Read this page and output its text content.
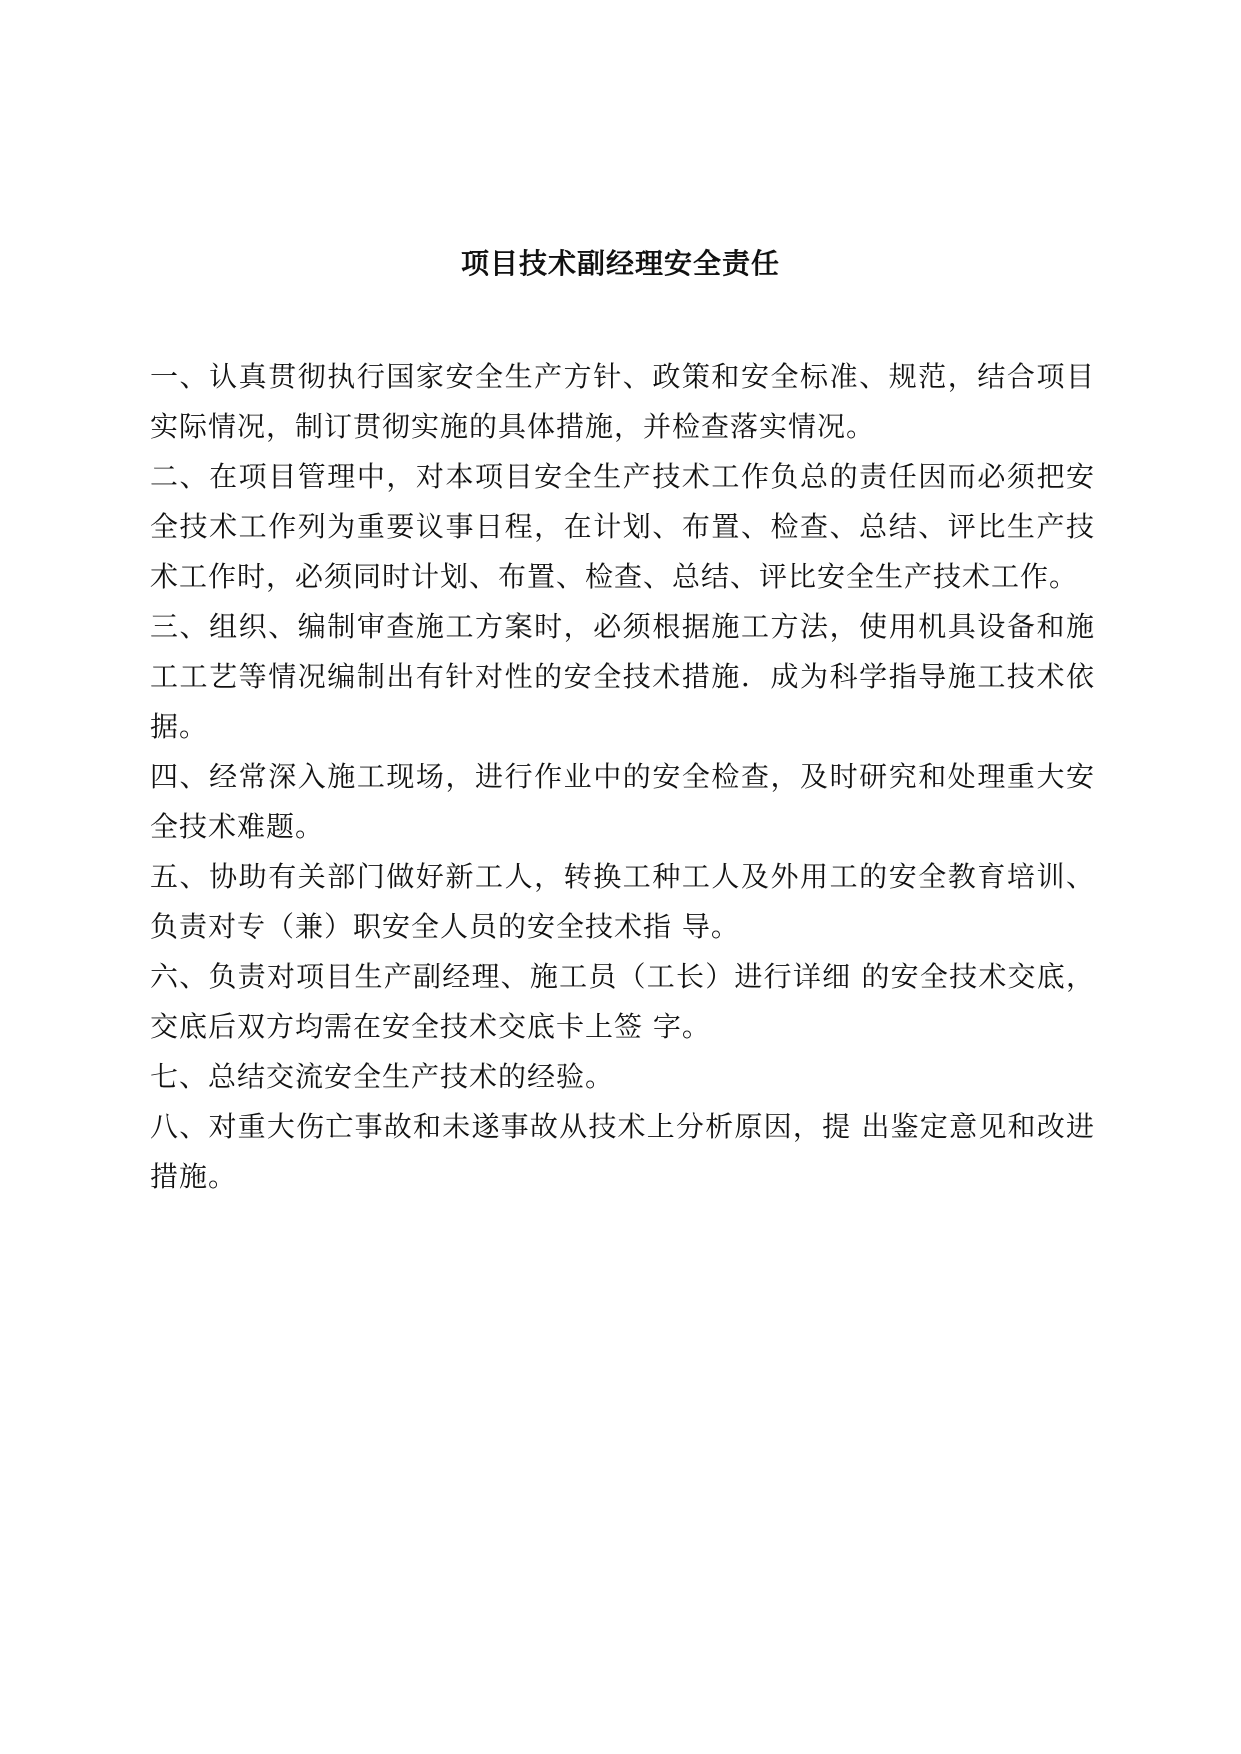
项目技术副经理安全责任

一、认真贯彻执行国家安全生产方针、政策和安全标准、规范，结合项目实际情况，制订贯彻实施的具体措施，并检查落实情况。

二、在项目管理中，对本项目安全生产技术工作负总的责任因而必须把安全技术工作列为重要议事日程，在计划、布置、检查、总结、评比生产技术工作时，必须同时计划、布置、检查、总结、评比安全生产技术工作。

三、组织、编制审查施工方案时，必须根据施工方法，使用机具设备和施工工艺等情况编制出有针对性的安全技术措施．成为科学指导施工技术依据。

四、经常深入施工现场，进行作业中的安全检查，及时研究和处理重大安全技术难题。

五、协助有关部门做好新工人，转换工种工人及外用工的安全教育培训、负责对专（兼）职安全人员的安全技术指 导。

六、负责对项目生产副经理、施工员（工长）进行详细 的安全技术交底，交底后双方均需在安全技术交底卡上签 字。

七、总结交流安全生产技术的经验。

八、对重大伤亡事故和未遂事故从技术上分析原因，提 出鉴定意见和改进措施。
